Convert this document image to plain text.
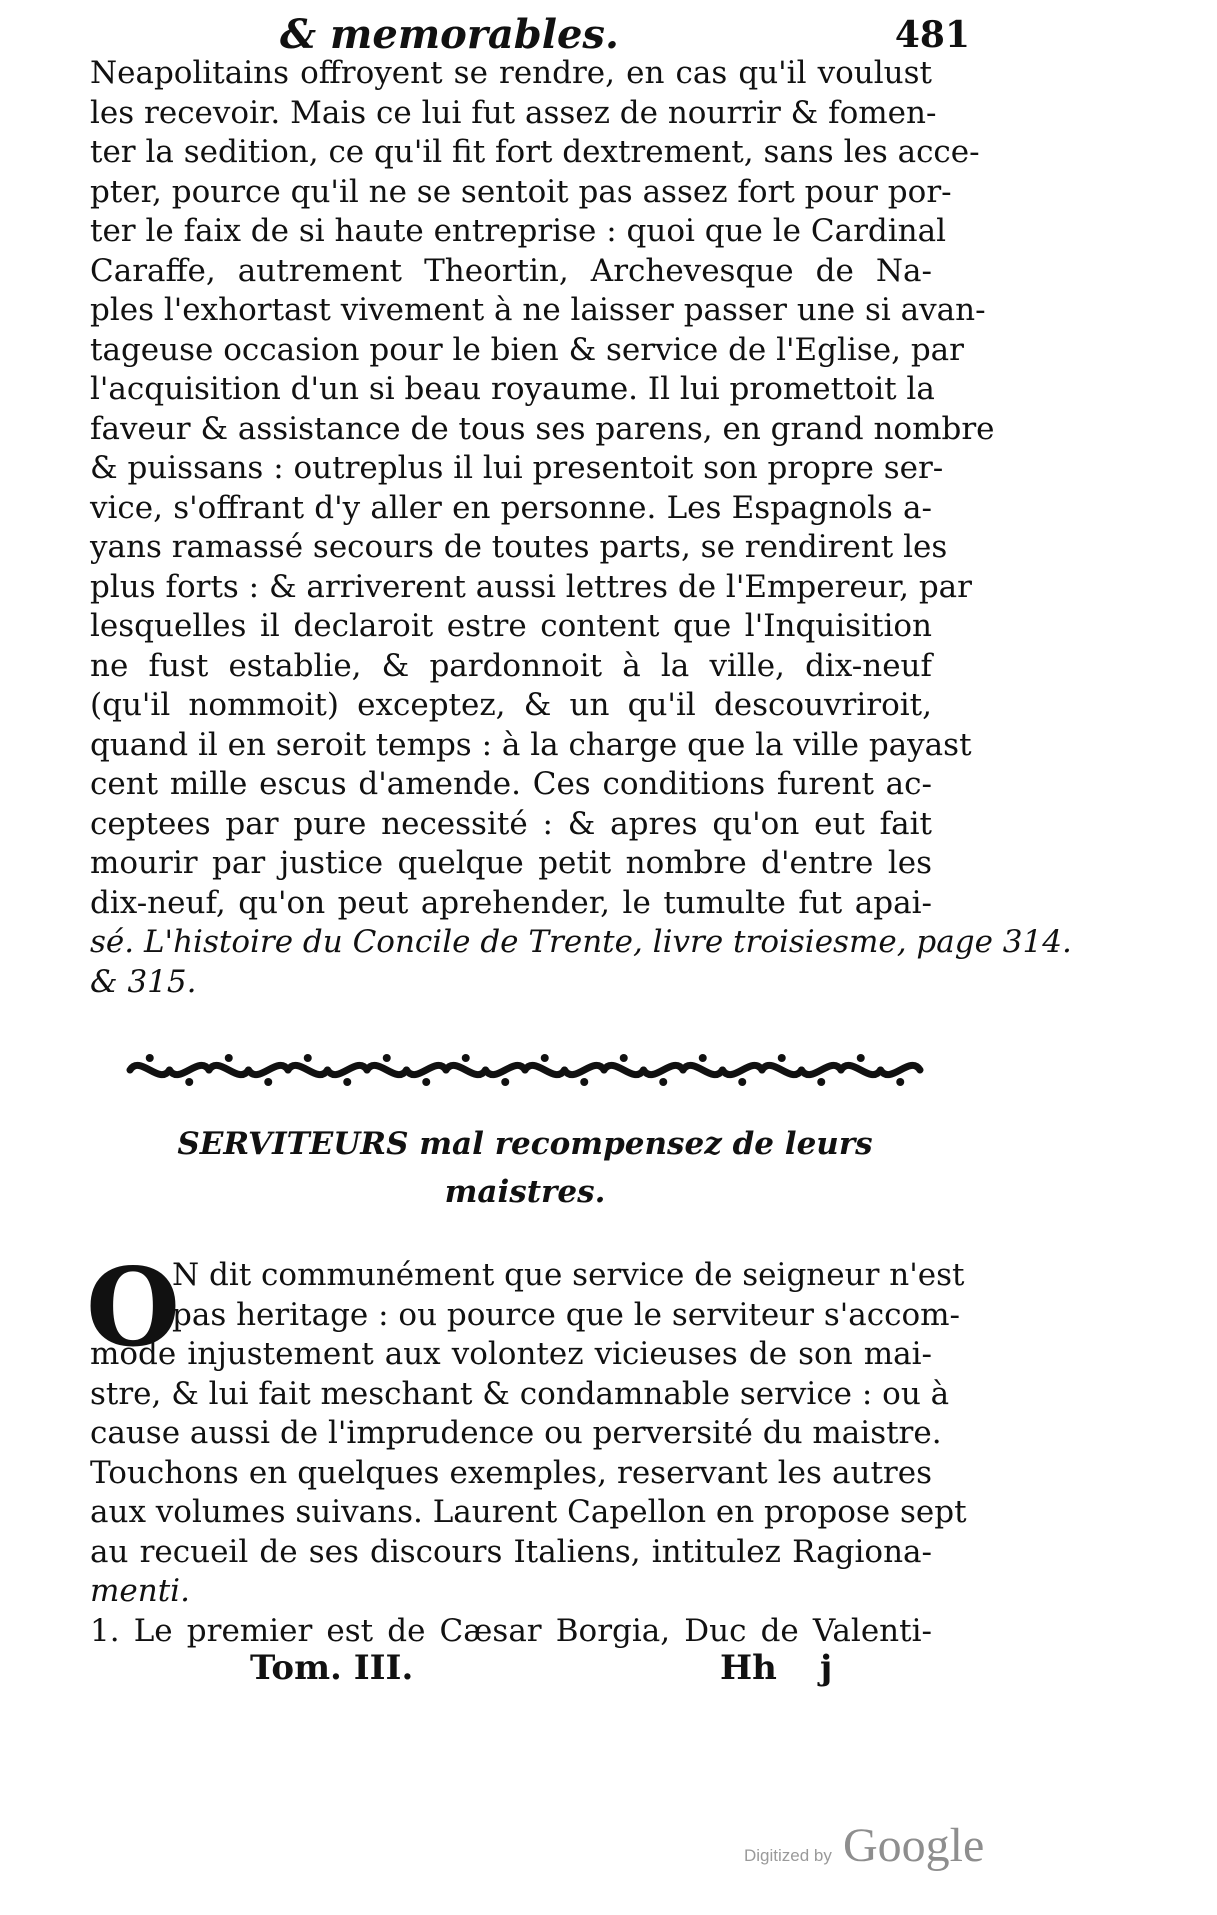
& memorables.	481
Neapolitains offroyent se rendre, en cas qu'il voulust
les recevoir. Mais ce lui fut assez de nourrir & fomen-
ter la sedition, ce qu'il fit fort dextrement, sans les acce-
pter, pource qu'il ne se sentoit pas assez fort pour por-
ter le faix de si haute entreprise : quoi que le Cardinal
Caraffe, autrement Theortin, Archevesque de Na-
ples l'exhortast vivement à ne laisser passer une si avan-
tageuse occasion pour le bien & service de l'Eglise, par
l'acquisition d'un si beau royaume. Il lui promettoit la
faveur & assistance de tous ses parens, en grand nombre
& puissans : outreplus il lui presentoit son propre ser-
vice, s'offrant d'y aller en personne. Les Espagnols a-
yans ramassé secours de toutes parts, se rendirent les
plus forts : & arriverent aussi lettres de l'Empereur, par
lesquelles il declaroit estre content que l'Inquisition
ne fust establie, & pardonnoit à la ville, dix-neuf
(qu'il nommoit) exceptez, & un qu'il descouvriroit,
quand il en seroit temps : à la charge que la ville payast
cent mille escus d'amende. Ces conditions furent ac-
ceptees par pure necessité : & apres qu'on eut fait
mourir par justice quelque petit nombre d'entre les
dix-neuf, qu'on peut aprehender, le tumulte fut apai-
sé. L'histoire du Concile de Trente, livre troisiesme, page 314.
& 315.
SERVITEURS mal recompensez de leurs
maistres.
O
N dit communément que service de seigneur n'est
pas heritage : ou pource que le serviteur s'accom-
mode injustement aux volontez vicieuses de son mai-
stre, & lui fait meschant & condamnable service : ou à
cause aussi de l'imprudence ou perversité du maistre.
Touchons en quelques exemples, reservant les autres
aux volumes suivans. Laurent Capellon en propose sept
au recueil de ses discours Italiens, intitulez Ragiona-
menti.
1. Le premier est de Cæsar Borgia, Duc de Valenti-
Tom. III.	Hh j
Digitized by Google
